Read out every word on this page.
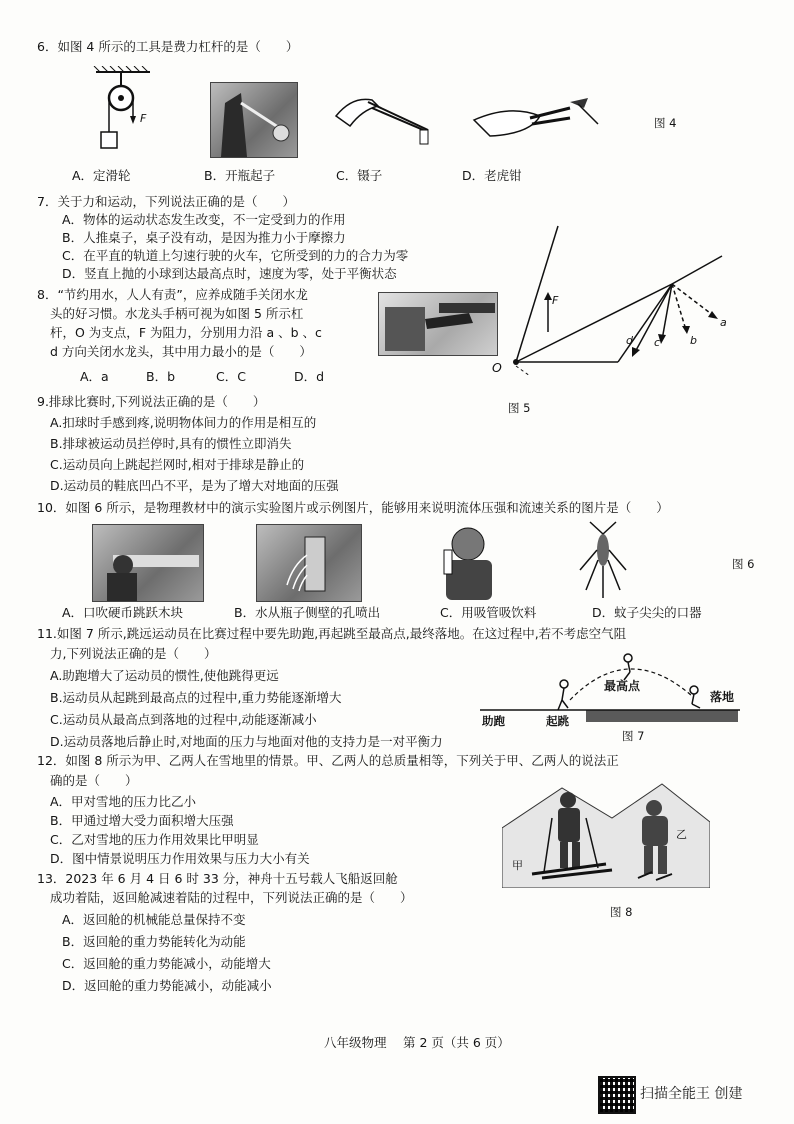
6．如图 4 所示的工具是费力杠杆的是（　　）
F	图 4
A．定滑轮	B．开瓶起子	C．镊子	D．老虎钳
7．关于力和运动，下列说法正确的是（　　）
A．物体的运动状态发生改变，不一定受到力的作用
B．人推桌子，桌子没有动，是因为推力小于摩擦力
C．在平直的轨道上匀速行驶的火车，它所受到的力的合力为零
D．竖直上抛的小球到达最高点时，速度为零，处于平衡状态
8．“节约用水，人人有责”，应养成随手关闭水龙
头的好习惯。水龙头手柄可视为如图 5 所示杠
杆，O 为支点，F 为阻力，分别用力沿 a 、b 、c
d 方向关闭水龙头，其中用力最小的是（　　）
A．a	B．b	C．C	D．d
O
F
a
b
c
d
图 5
9.排球比赛时,下列说法正确的是（　　）
A.扣球时手感到疼,说明物体间力的作用是相互的
B.排球被运动员拦停时,具有的惯性立即消失
C.运动员向上跳起拦网时,相对于排球是静止的
D.运动员的鞋底凹凸不平，是为了增大对地面的压强
10．如图 6 所示，是物理教材中的演示实验图片或示例图片，能够用来说明流体压强和流速关系的图片是（　　）
图 6
A．口吹硬币跳跃木块	B．水从瓶子侧壁的孔喷出	C．用吸管吸饮料	D．蚊子尖尖的口器
11.如图 7 所示,跳远运动员在比赛过程中要先助跑,再起跳至最高点,最终落地。在这过程中,若不考虑空气阻
力,下列说法正确的是（　　）
A.助跑增大了运动员的惯性,使他跳得更远
B.运动员从起跳到最高点的过程中,重力势能逐渐增大
C.运动员从最高点到落地的过程中,动能逐渐减小
D.运动员落地后静止时,对地面的压力与地面对他的支持力是一对平衡力
最高点
落地
助跑	起跳
图 7
12．如图 8 所示为甲、乙两人在雪地里的情景。甲、乙两人的总质量相等，下列关于甲、乙两人的说法正
确的是（　　）
A．甲对雪地的压力比乙小
B．甲通过增大受力面积增大压强
C．乙对雪地的压力作用效果比甲明显
D．图中情景说明压力作用效果与压力大小有关	甲
乙
图 8
13．2023 年 6 月 4 日 6 时 33 分，神舟十五号载人飞船返回舱
成功着陆，返回舱减速着陆的过程中，下列说法正确的是（　　）
A．返回舱的机械能总量保持不变
B．返回舱的重力势能转化为动能
C．返回舱的重力势能减小，动能增大
D．返回舱的重力势能减小，动能减小
八年级物理　 第 2 页（共 6 页）
扫描全能王 创建
